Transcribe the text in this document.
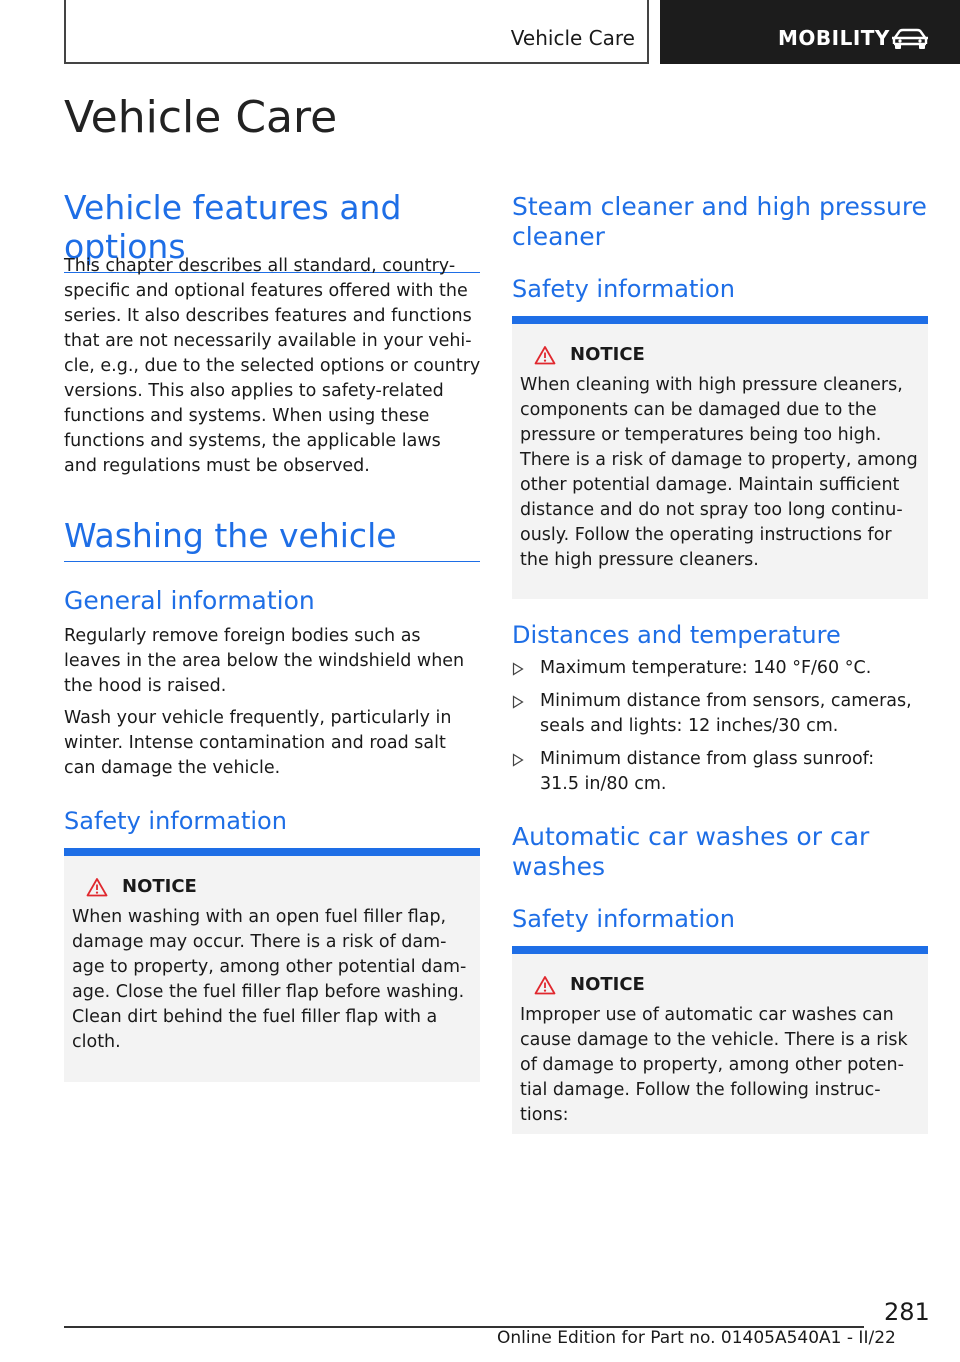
Vehicle Care	MOBILITY
Vehicle Care
Vehicle features and options
This chapter describes all standard, country-
specific and optional features offered with the
series. It also describes features and functions
that are not necessarily available in your vehi-
cle, e.g., due to the selected options or country
versions. This also applies to safety-related
functions and systems. When using these
functions and systems, the applicable laws
and regulations must be observed.
Washing the vehicle
General information
Regularly remove foreign bodies such as
leaves in the area below the windshield when
the hood is raised.
Wash your vehicle frequently, particularly in
winter. Intense contamination and road salt
can damage the vehicle.
Safety information
NOTICE
When washing with an open fuel filler flap,
damage may occur. There is a risk of dam-
age to property, among other potential dam-
age. Close the fuel filler flap before washing.
Clean dirt behind the fuel filler flap with a
cloth.
Steam cleaner and high pressure
cleaner
Safety information
NOTICE
When cleaning with high pressure cleaners,
components can be damaged due to the
pressure or temperatures being too high.
There is a risk of damage to property, among
other potential damage. Maintain sufficient
distance and do not spray too long continu-
ously. Follow the operating instructions for
the high pressure cleaners.
Distances and temperature
Maximum temperature: 140 °F/60 °C.
Minimum distance from sensors, cameras,
seals and lights: 12 inches/30 cm.
Minimum distance from glass sunroof:
31.5 in/80 cm.
Automatic car washes or car
washes
Safety information
NOTICE
Improper use of automatic car washes can
cause damage to the vehicle. There is a risk
of damage to property, among other poten-
tial damage. Follow the following instruc-
tions:
281
Online Edition for Part no. 01405A540A1 - II/22
